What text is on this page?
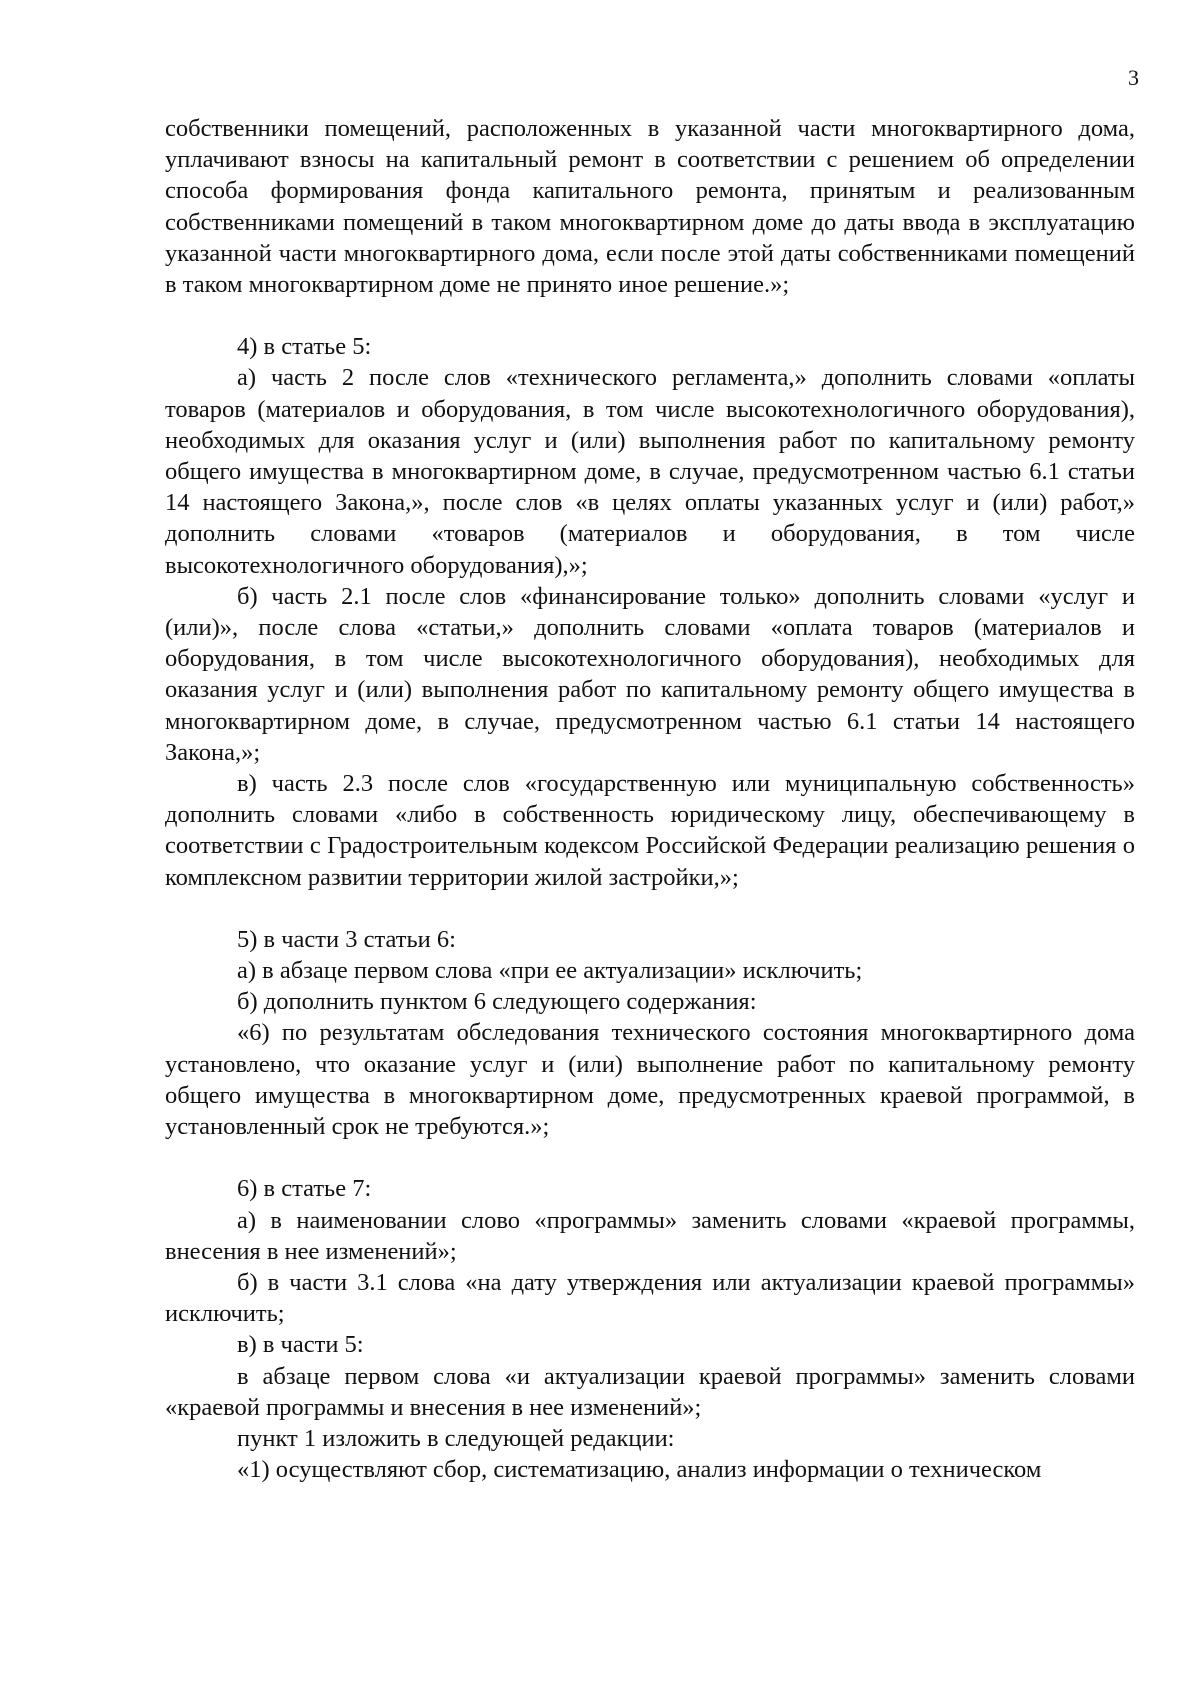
3

собственники помещений, расположенных в указанной части многоквартирного дома, уплачивают взносы на капитальный ремонт в соответствии с решением об определении способа формирования фонда капитального ремонта, принятым и реализованным собственниками помещений в таком многоквартирном доме до даты ввода в эксплуатацию указанной части многоквартирного дома, если после этой даты собственниками помещений в таком многоквартирном доме не принято иное решение.»;

4) в статье 5:

а) часть 2 после слов «технического регламента,» дополнить словами «оплаты товаров (материалов и оборудования, в том числе высокотехнологичного оборудования), необходимых для оказания услуг и (или) выполнения работ по капитальному ремонту общего имущества в многоквартирном доме, в случае, предусмотренном частью 6.1 статьи 14 настоящего Закона,», после слов «в целях оплаты указанных услуг и (или) работ,» дополнить словами «товаров (материалов и оборудования, в том числе высокотехнологичного оборудования),»;

б) часть 2.1 после слов «финансирование только» дополнить словами «услуг и (или)», после слова «статьи,» дополнить словами «оплата товаров (материалов и оборудования, в том числе высокотехнологичного оборудования), необходимых для оказания услуг и (или) выполнения работ по капитальному ремонту общего имущества в многоквартирном доме, в случае, предусмотренном частью 6.1 статьи 14 настоящего Закона,»;

в) часть 2.3 после слов «государственную или муниципальную собственность» дополнить словами «либо в собственность юридическому лицу, обеспечивающему в соответствии с Градостроительным кодексом Российской Федерации реализацию решения о комплексном развитии территории жилой застройки,»;

5) в части 3 статьи 6:

а) в абзаце первом слова «при ее актуализации» исключить;

б) дополнить пунктом 6 следующего содержания:

«6) по результатам обследования технического состояния многоквартирного дома установлено, что оказание услуг и (или) выполнение работ по капитальному ремонту общего имущества в многоквартирном доме, предусмотренных краевой программой, в установленный срок не требуются.»;

6) в статье 7:

а) в наименовании слово «программы» заменить словами «краевой программы, внесения в нее изменений»;

б) в части 3.1 слова «на дату утверждения или актуализации краевой программы» исключить;

в) в части 5:

в абзаце первом слова «и актуализации краевой программы» заменить словами «краевой программы и внесения в нее изменений»;

пункт 1 изложить в следующей редакции:

«1) осуществляют сбор, систематизацию, анализ информации о техническом
